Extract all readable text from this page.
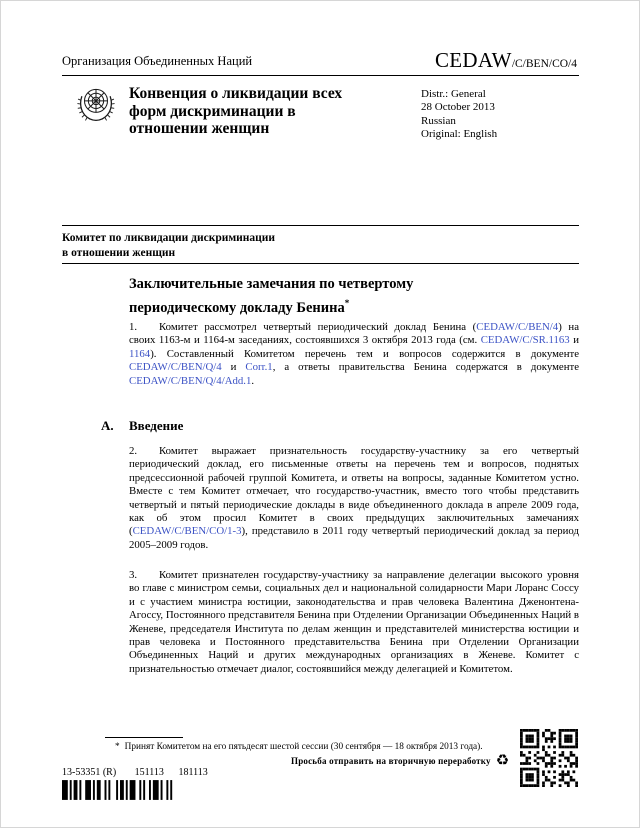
Организация Объединенных Наций	CEDAW /C/BEN/CO/4
Конвенция о ликвидации всех форм дискриминации в отношении женщин
Distr.: General
28 October 2013
Russian
Original: English
Комитет по ликвидации дискриминации
в отношении женщин
Заключительные замечания по четвертому периодическому докладу Бенина*

1. Комитет рассмотрел четвертый периодический доклад Бенина (CEDAW/C/BEN/4) на своих 1163-м и 1164-м заседаниях, состоявшихся 3 октября 2013 года (см. CEDAW/C/SR.1163 и 1164). Составленный Комитетом перечень тем и вопросов содержится в документе CEDAW/C/BEN/Q/4 и Corr.1, а ответы правительства Бенина содержатся в документе CEDAW/C/BEN/Q/4/Add.1.

A.	Введение

2. Комитет выражает признательность государству-участнику за его четвертый периодический доклад, его письменные ответы на перечень тем и вопросов, поднятых предсессионной рабочей группой Комитета, и ответы на вопросы, заданные Комитетом устно. Вместе с тем Комитет отмечает, что государство-участник, вместо того чтобы представить четвертый и пятый периодические доклады в виде объединенного доклада в апреле 2009 года, как об этом просил Комитет в своих предыдущих заключительных замечаниях (CEDAW/C/BEN/CO/1-3), представило в 2011 году четвертый периодический доклад за период 2005–2009 годов.

3. Комитет признателен государству-участнику за направление делегации высокого уровня во главе с министром семьи, социальных дел и национальной солидарности Мари Лоранс Соссу и с участием министра юстиции, законодательства и прав человека Валентина Дженонтена-Агоссу, Постоянного представителя Бенина при Отделении Организации Объединенных Наций в Женеве, председателя Института по делам женщин и представителей министерства юстиции и прав человека и Постоянного представительства Бенина при Отделении Организации Объединенных Наций и других международных организациях в Женеве. Комитет с признательностью отмечает диалог, состоявшийся между делегацией и Комитетом.

* Принят Комитетом на его пятьдесят шестой сессии (30 сентября — 18 октября 2013 года).
13-53351 (R) 151113 181113
Просьба отправить на вторичную переработку ♻
